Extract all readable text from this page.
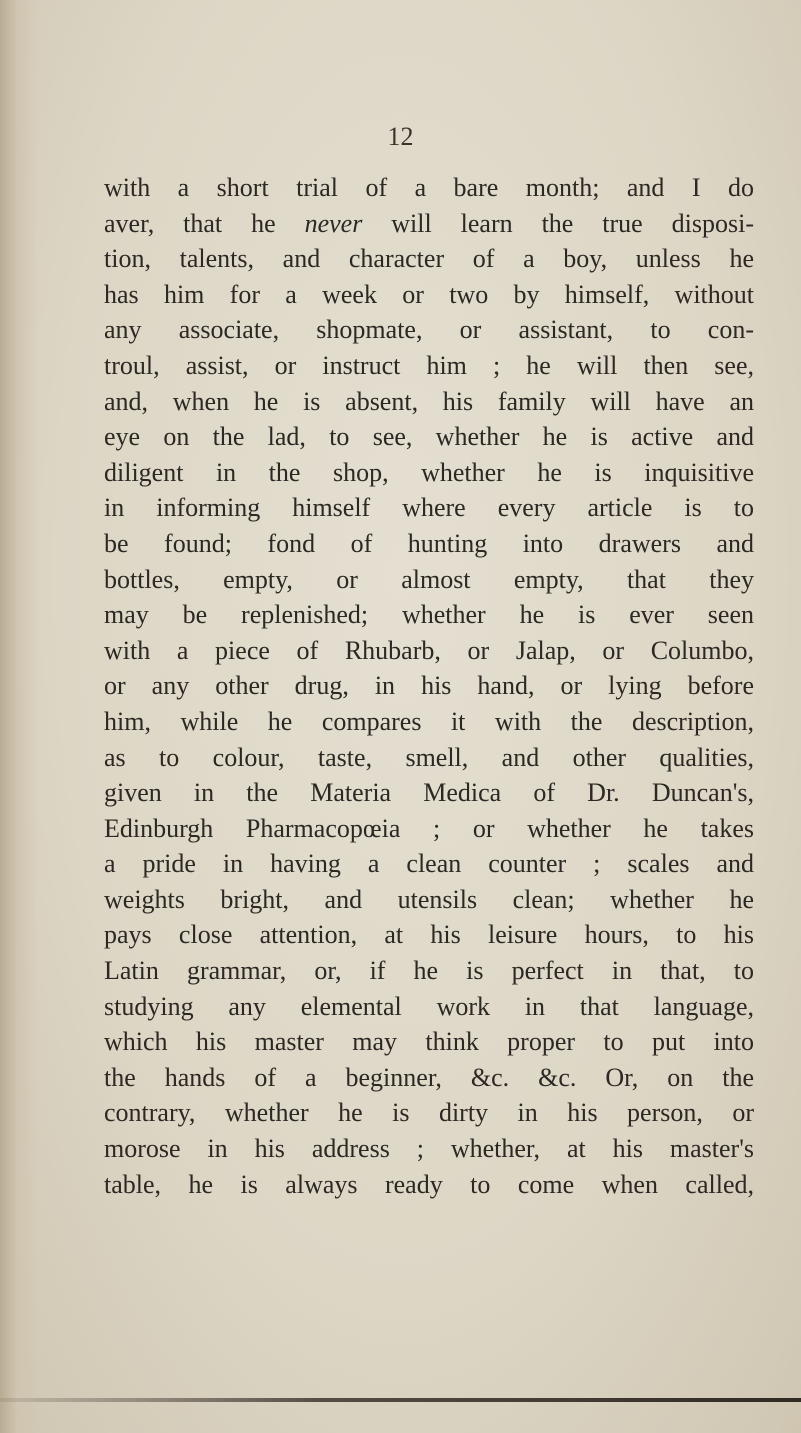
12

with a short trial of a bare month; and I do
aver, that he never will learn the true disposi-
tion, talents, and character of a boy, unless he
has him for a week or two by himself, without
any associate, shopmate, or assistant, to con-
troul, assist, or instruct him ; he will then see,
and, when he is absent, his family will have an
eye on the lad, to see, whether he is active and
diligent in the shop, whether he is inquisitive
in informing himself where every article is to
be found; fond of hunting into drawers and
bottles, empty, or almost empty, that they
may be replenished; whether he is ever seen
with a piece of Rhubarb, or Jalap, or Columbo,
or any other drug, in his hand, or lying before
him, while he compares it with the description,
as to colour, taste, smell, and other qualities,
given in the Materia Medica of Dr. Duncan's,
Edinburgh Pharmacopœia ; or whether he takes
a pride in having a clean counter ; scales and
weights bright, and utensils clean; whether he
pays close attention, at his leisure hours, to his
Latin grammar, or, if he is perfect in that, to
studying any elemental work in that language,
which his master may think proper to put into
the hands of a beginner, &c. &c. Or, on the
contrary, whether he is dirty in his person, or
morose in his address ; whether, at his master's
table, he is always ready to come when called,
